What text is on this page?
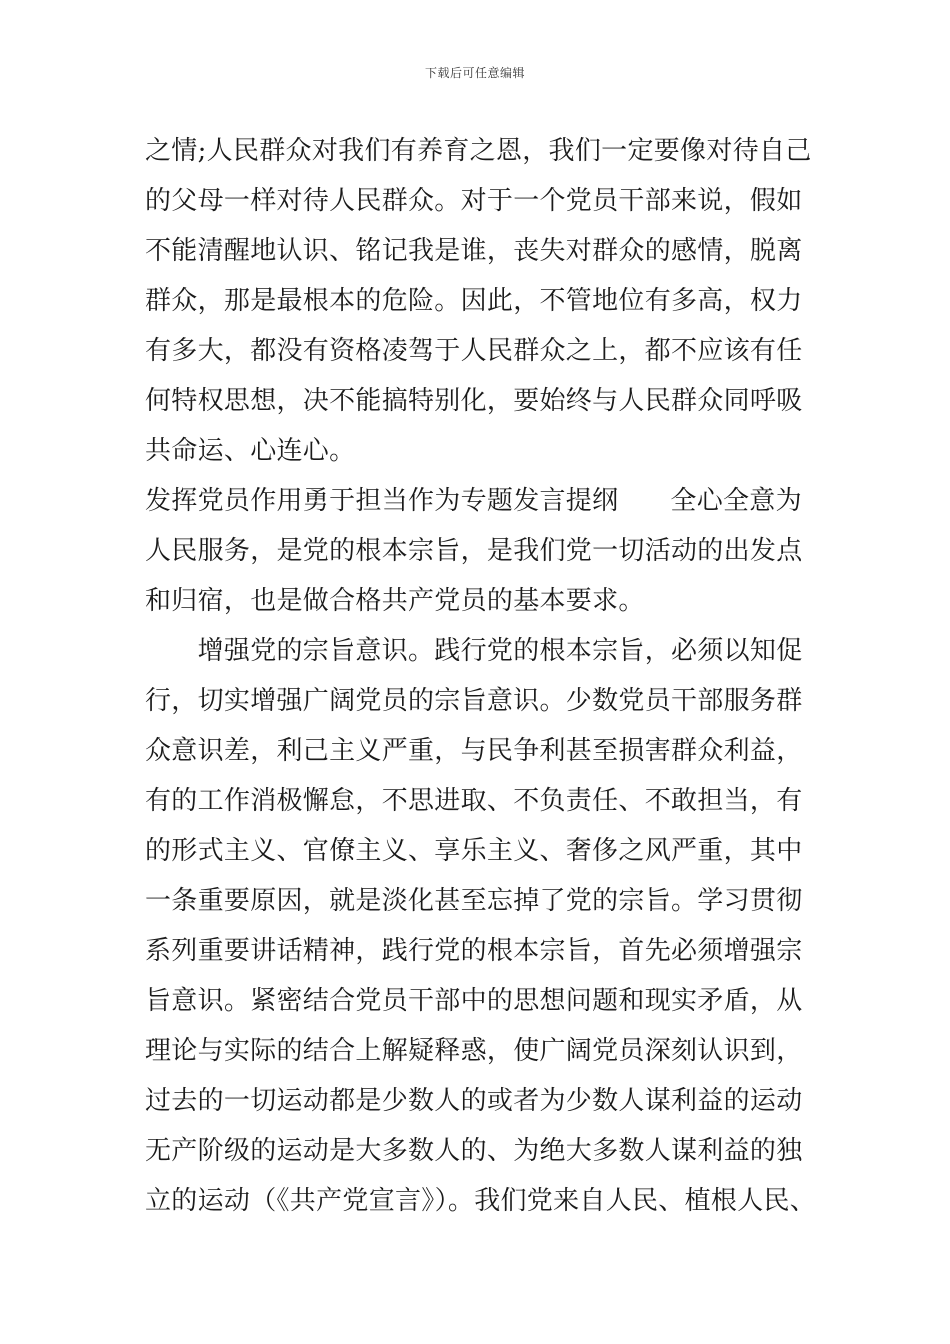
下载后可任意编辑
之情;人民群众对我们有养育之恩，我们一定要像对待自己
的父母一样对待人民群众。对于一个党员干部来说，假如
不能清醒地认识、铭记我是谁，丧失对群众的感情，脱离
群众，那是最根本的危险。因此，不管地位有多高，权力
有多大，都没有资格凌驾于人民群众之上，都不应该有任
何特权思想，决不能搞特别化，要始终与人民群众同呼吸
共命运、心连心。
发挥党员作用勇于担当作为专题发言提纲 全心全意为
人民服务，是党的根本宗旨，是我们党一切活动的出发点
和归宿，也是做合格共产党员的基本要求。
　　增强党的宗旨意识。践行党的根本宗旨，必须以知促
行，切实增强广阔党员的宗旨意识。少数党员干部服务群
众意识差，利己主义严重，与民争利甚至损害群众利益，
有的工作消极懈怠，不思进取、不负责任、不敢担当，有
的形式主义、官僚主义、享乐主义、奢侈之风严重，其中
一条重要原因，就是淡化甚至忘掉了党的宗旨。学习贯彻
系列重要讲话精神，践行党的根本宗旨，首先必须增强宗
旨意识。紧密结合党员干部中的思想问题和现实矛盾，从
理论与实际的结合上解疑释惑，使广阔党员深刻认识到，
过去的一切运动都是少数人的或者为少数人谋利益的运动
无产阶级的运动是大多数人的、为绝大多数人谋利益的独
立的运动（《共产党宣言》）。我们党来自人民、植根人民、
